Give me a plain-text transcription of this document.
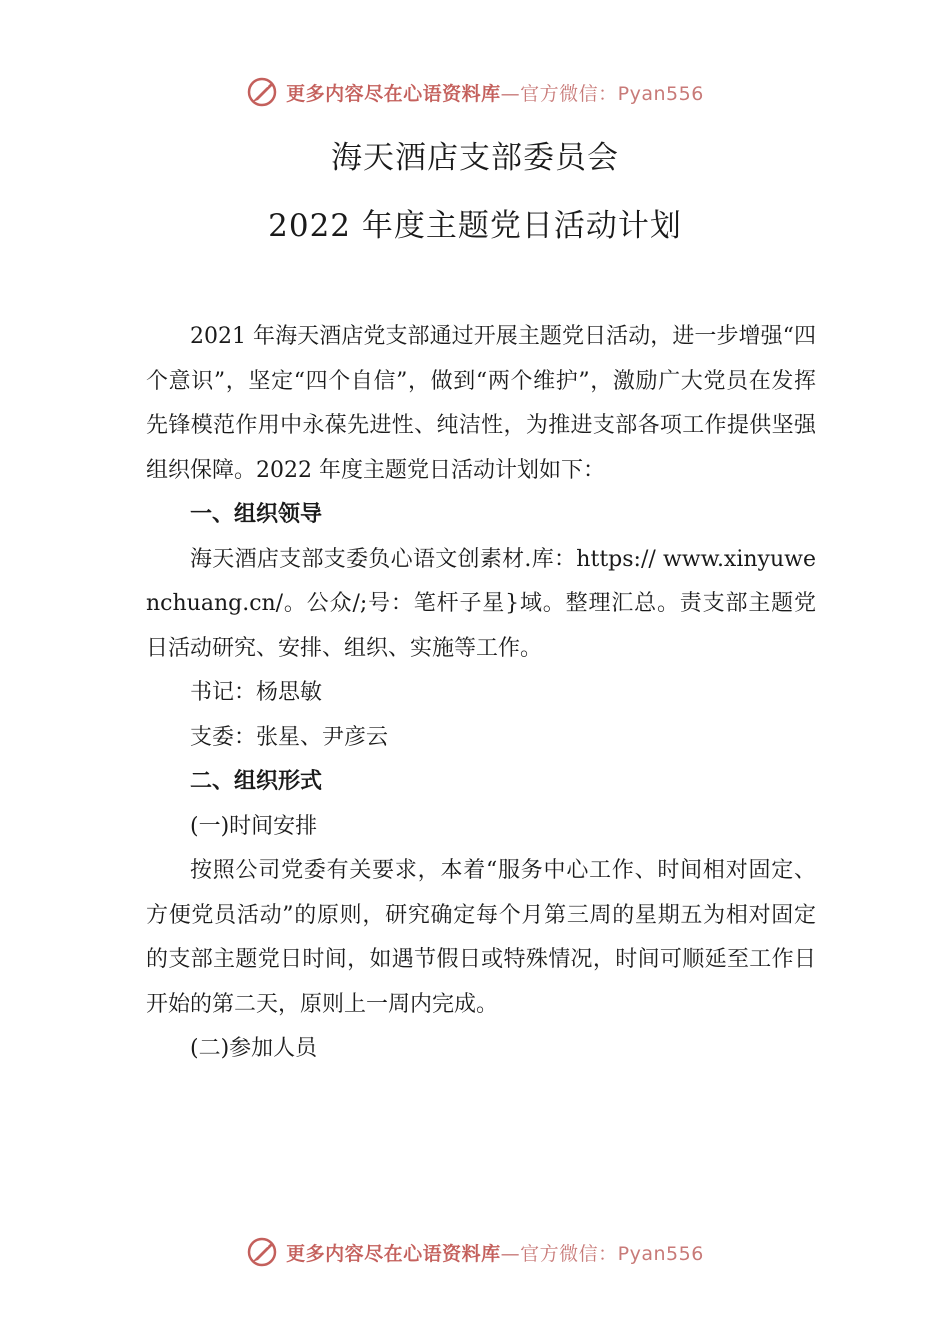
更多内容尽在心语资料库—官方微信：Pyan556
海天酒店支部委员会
2022 年度主题党日活动计划

2021 年海天酒店党支部通过开展主题党日活动，进一步增强“四个意识”，坚定“四个自信”，做到“两个维护”，激励广大党员在发挥先锋模范作用中永葆先进性、纯洁性，为推进支部各项工作提供坚强组织保障。2022 年度主题党日活动计划如下：

一、组织领导

海天酒店支部支委负心语文创素材.库：https:// www.xinyuwenchuang.cn/。公众/;号：笔杆子星}域。整理汇总。责支部主题党日活动研究、安排、组织、实施等工作。

书记：杨思敏

支委：张星、尹彦云

二、组织形式

(一)时间安排

按照公司党委有关要求，本着“服务中心工作、时间相对固定、方便党员活动”的原则，研究确定每个月第三周的星期五为相对固定的支部主题党日时间，如遇节假日或特殊情况，时间可顺延至工作日开始的第二天，原则上一周内完成。

(二)参加人员

更多内容尽在心语资料库—官方微信：Pyan556
